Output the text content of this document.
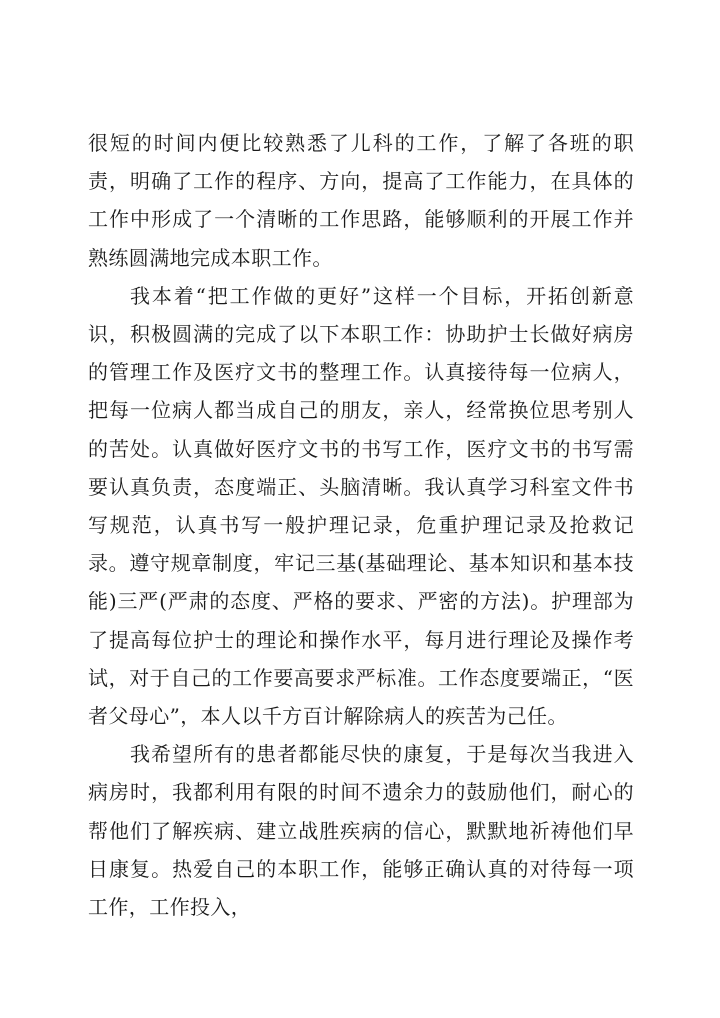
很短的时间内便比较熟悉了儿科的工作，了解了各班的职责，明确了工作的程序、方向，提高了工作能力，在具体的工作中形成了一个清晰的工作思路，能够顺利的开展工作并熟练圆满地完成本职工作。

我本着“把工作做的更好”这样一个目标，开拓创新意识，积极圆满的完成了以下本职工作：协助护士长做好病房的管理工作及医疗文书的整理工作。认真接待每一位病人，把每一位病人都当成自己的朋友，亲人，经常换位思考别人的苦处。认真做好医疗文书的书写工作，医疗文书的书写需要认真负责，态度端正、头脑清晰。我认真学习科室文件书写规范，认真书写一般护理记录，危重护理记录及抢救记录。遵守规章制度，牢记三基(基础理论、基本知识和基本技能)三严(严肃的态度、严格的要求、严密的方法)。护理部为了提高每位护士的理论和操作水平，每月进行理论及操作考试，对于自己的工作要高要求严标准。工作态度要端正，“医者父母心”，本人以千方百计解除病人的疾苦为己任。

我希望所有的患者都能尽快的康复，于是每次当我进入病房时，我都利用有限的时间不遗余力的鼓励他们，耐心的帮他们了解疾病、建立战胜疾病的信心，默默地祈祷他们早日康复。热爱自己的本职工作，能够正确认真的对待每一项工作，工作投入，
